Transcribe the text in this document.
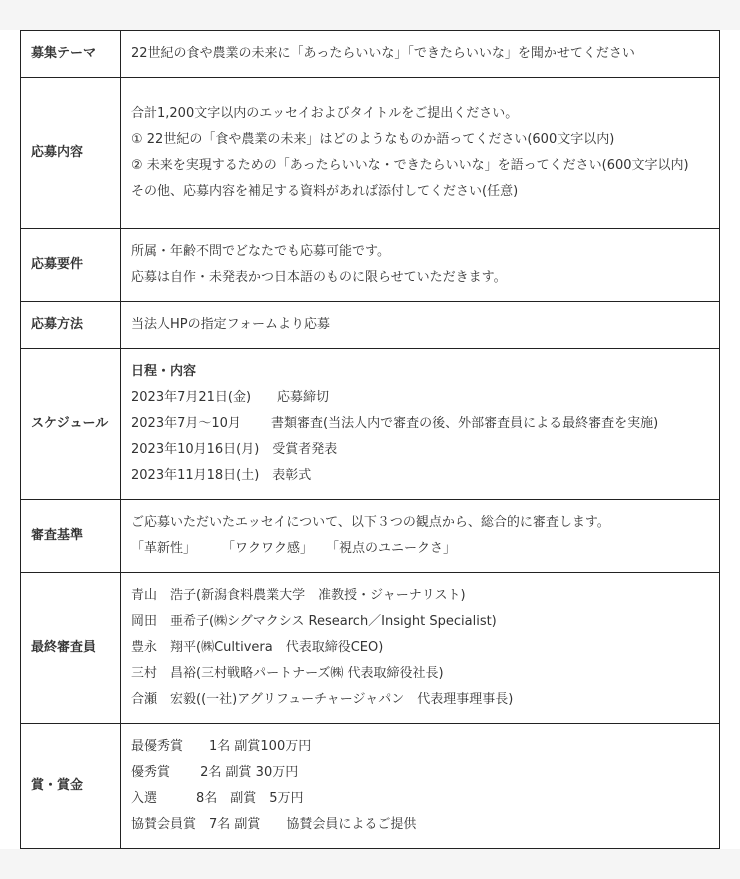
募集テーマ	22世紀の食や農業の未来に「あったらいいな」「できたらいいな」を聞かせてください

応募内容	合計1,200文字以内のエッセイおよびタイトルをご提出ください。
① 22世紀の「食や農業の未来」はどのようなものか語ってください(600文字以内)
② 未来を実現するための「あったらいいな・できたらいいな」を語ってください(600文字以内)
その他、応募内容を補足する資料があれば添付してください(任意)

応募要件	所属・年齢不問でどなたでも応募可能です。
応募は自作・未発表かつ日本語のものに限らせていただきます。

応募方法	当法人HPの指定フォームより応募

スケジュール	日程・内容
2023年7月21日(金)　　応募締切
2023年7月〜10月　　 書類審査(当法人内で審査の後、外部審査員による最終審査を実施)
2023年10月16日(月)　受賞者発表
2023年11月18日(土)　表彰式

審査基準	ご応募いただいたエッセイについて、以下３つの観点から、総合的に審査します。
「革新性」　　　「ワクワク感」　　「視点のユニークさ」

最終審査員	青山　浩子(新潟食料農業大学　准教授・ジャーナリスト)
岡田　亜希子(㈱シグマクシス Research／Insight Specialist)
豊永　翔平(㈱Cultivera　代表取締役CEO)
三村　昌裕(三村戦略パートナーズ㈱ 代表取締役社長)
合瀬　宏毅((一社)アグリフューチャージャパン　代表理事理事長)

賞・賞金	最優秀賞　　1名 副賞100万円
優秀賞　　 2名 副賞 30万円
入選　　　8名　副賞　5万円
協賛会員賞　7名 副賞　　協賛会員によるご提供
